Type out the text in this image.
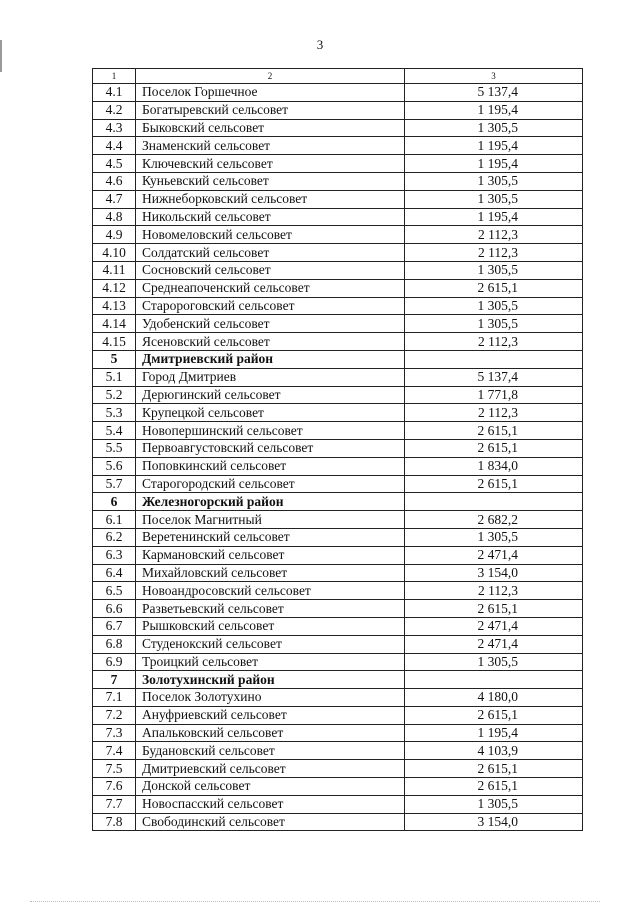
3
1	2	3
4.1	Поселок Горшечное	5 137,4
4.2	Богатыревский сельсовет	1 195,4
4.3	Быковский сельсовет	1 305,5
4.4	Знаменский сельсовет	1 195,4
4.5	Ключевский сельсовет	1 195,4
4.6	Куньевский сельсовет	1 305,5
4.7	Нижнеборковский сельсовет	1 305,5
4.8	Никольский сельсовет	1 195,4
4.9	Новомеловский сельсовет	2 112,3
4.10	Солдатский сельсовет	2 112,3
4.11	Сосновский сельсовет	1 305,5
4.12	Среднеапоченский сельсовет	2 615,1
4.13	Старороговский сельсовет	1 305,5
4.14	Удобенский сельсовет	1 305,5
4.15	Ясеновский сельсовет	2 112,3
5	Дмитриевский район	
5.1	Город Дмитриев	5 137,4
5.2	Дерюгинский сельсовет	1 771,8
5.3	Крупецкой сельсовет	2 112,3
5.4	Новопершинский сельсовет	2 615,1
5.5	Первоавгустовский сельсовет	2 615,1
5.6	Поповкинский сельсовет	1 834,0
5.7	Старогородский сельсовет	2 615,1
6	Железногорский район	
6.1	Поселок Магнитный	2 682,2
6.2	Веретенинский сельсовет	1 305,5
6.3	Кармановский сельсовет	2 471,4
6.4	Михайловский сельсовет	3 154,0
6.5	Новоандросовский сельсовет	2 112,3
6.6	Разветьевский сельсовет	2 615,1
6.7	Рышковский сельсовет	2 471,4
6.8	Студенокский сельсовет	2 471,4
6.9	Троицкий сельсовет	1 305,5
7	Золотухинский район	
7.1	Поселок Золотухино	4 180,0
7.2	Ануфриевский сельсовет	2 615,1
7.3	Апальковский сельсовет	1 195,4
7.4	Будановский сельсовет	4 103,9
7.5	Дмитриевский сельсовет	2 615,1
7.6	Донской сельсовет	2 615,1
7.7	Новоспасский сельсовет	1 305,5
7.8	Свободинский сельсовет	3 154,0
